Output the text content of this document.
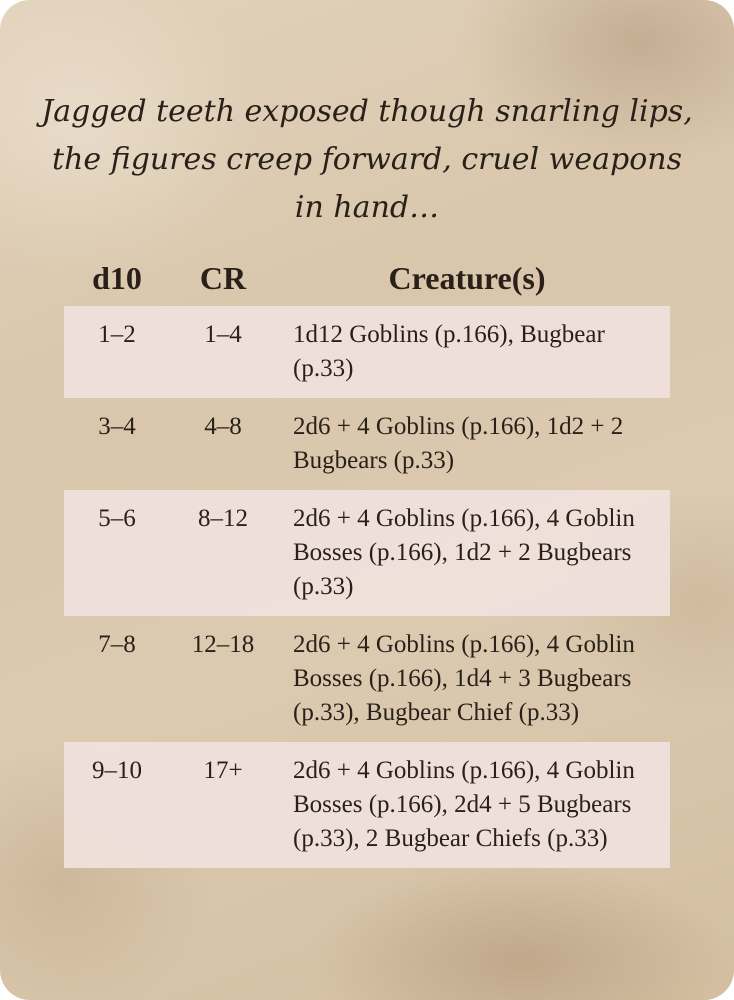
Jagged teeth exposed though snarling lips,
the figures creep forward, cruel weapons
in hand…

d10	CR	Creature(s)
1–2	1–4	1d12 Goblins (p.166), Bugbear (p.33)
3–4	4–8	2d6 + 4 Goblins (p.166), 1d2 + 2 Bugbears (p.33)
5–6	8–12	2d6 + 4 Goblins (p.166), 4 Goblin Bosses (p.166), 1d2 + 2 Bugbears (p.33)
7–8	12–18	2d6 + 4 Goblins (p.166), 4 Goblin Bosses (p.166), 1d4 + 3 Bugbears (p.33), Bugbear Chief (p.33)
9–10	17+	2d6 + 4 Goblins (p.166), 4 Goblin Bosses (p.166), 2d4 + 5 Bugbears (p.33), 2 Bugbear Chiefs (p.33)
